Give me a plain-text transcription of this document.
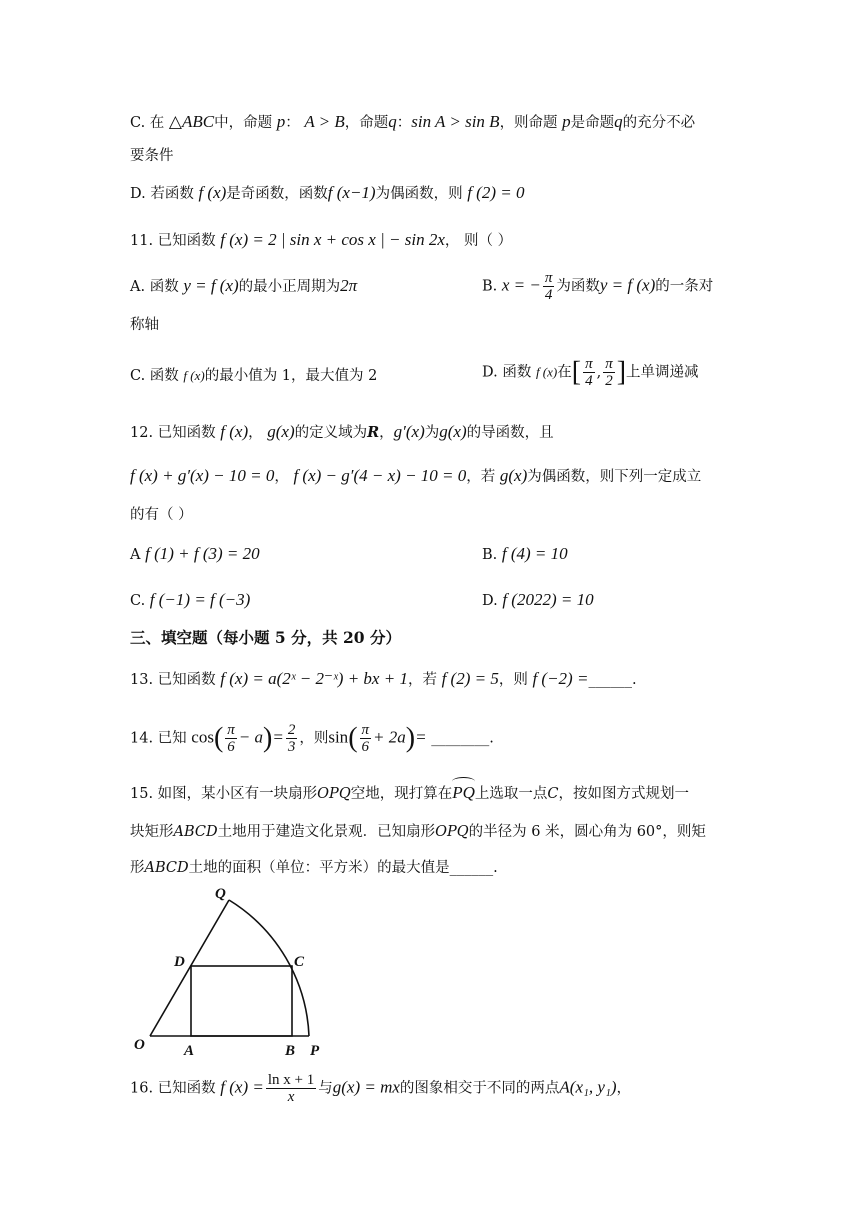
C. 在 △ABC中，命题 p： A > B，命题q：sin A > sin B，则命题 p是命题q的充分不必
要条件
D. 若函数 f (x)是奇函数，函数f (x−1)为偶函数，则 f (2) = 0
11. 已知函数 f (x) = 2 | sin x + cos x | − sin 2x， 则（ ）
A. 函数 y = f (x)的最小正周期为2π	B. x = − $\frac{\pi}{4}$ 为函数y = f (x)的一条对
称轴
C. 函数 f (x)的最小值为 1，最大值为 2	D. 函数 f (x)在[ $\frac{\pi}{4}$ , $\frac{\pi}{2}$ ]上单调递减
12. 已知函数 f (x)， g(x)的定义域为R，g′(x)为g(x)的导函数，且
f (x) + g′(x) − 10 = 0， f (x) − g′(4 − x) − 10 = 0，若 g(x)为偶函数，则下列一定成立
的有（ ）
A f (1) + f (3) = 20	B. f (4) = 10
C. f (−1) = f (−3)	D. f (2022) = 10
三、填空题（每小题 5 分，共 20 分）
13. 已知函数 f (x) = a(2ˣ − 2⁻ˣ) + bx + 1，若 f (2) = 5，则 f (−2) =______.
14. 已知 $\cos( \frac{\pi}{6} - a)= \frac{2}{3}$ ，则$\sin( \frac{\pi}{6} + 2a)=$ ________.
15. 如图，某小区有一块扇形OPQ空地，现打算在PQ上选取一点C，按如图方式规划一
块矩形ABCD土地用于建造文化景观．已知扇形OPQ的半径为 6 米，圆心角为 60°，则矩
形ABCD土地的面积（单位：平方米）的最大值是______.
Q
D	C
O	A	B P
16. 已知函数 f $(x) = \frac{\text{ln x + 1}}{x}$ 与g(x) = mx的图象相交于不同的两点A(x₁, y₁)，
